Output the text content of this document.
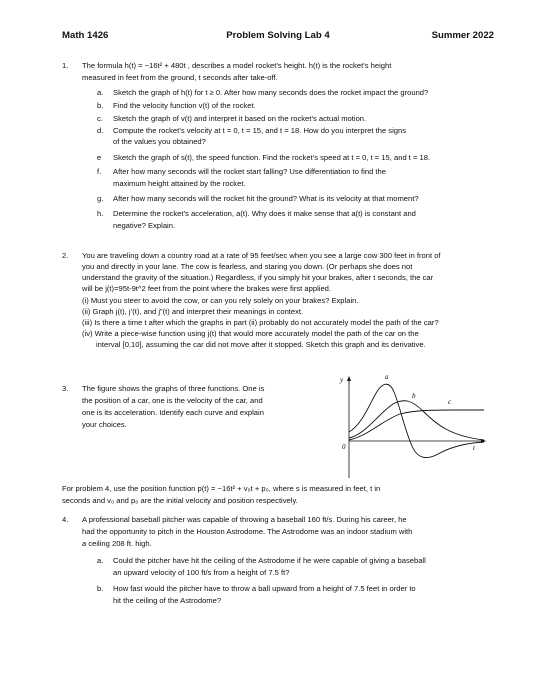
Math 1426	Problem Solving Lab 4	Summer 2022
1. The formula h(t) = −16t² + 480t , describes a model rocket’s height. h(t) is the rocket’s height
measured in feet from the ground, t seconds after take-off.
a. Sketch the graph of h(t) for t ≥ 0. After how many seconds does the rocket impact the ground?
b. Find the velocity function v(t) of the rocket.
c. Sketch the graph of v(t) and interpret it based on the rocket’s actual motion.
d. Compute the rocket’s velocity at t = 0, t = 15, and t = 18. How do you interpret the signs
of the values you obtained?
e Sketch the graph of s(t), the speed function. Find the rocket’s speed at t = 0, t = 15, and t = 18.
f. After how many seconds will the rocket start falling? Use differentiation to find the
maximum height attained by the rocket.
g. After how many seconds will the rocket hit the ground? What is its velocity at that moment?
h. Determine the rocket’s acceleration, a(t). Why does it make sense that a(t) is constant and
negative? Explain.
2. You are traveling down a country road at a rate of 95 feet/sec when you see a large cow 300 feet in front of
you and directly in your lane. The cow is fearless, and staring you down. (Or perhaps she does not
understand the gravity of the situation.) Regardless, if you simply hit your brakes, after t seconds, the car
will be j(t)=95t-9t^2 feet from the point where the brakes were first applied.
(i) Must you steer to avoid the cow, or can you rely solely on your brakes? Explain.
(ii) Graph j(t), j’(t), and j”(t) and interpret their meanings in context.
(iii) Is there a time t after which the graphs in part (ii) probably do not accurately model the path of the car?
(iv) Write a piece-wise function using j(t) that would more accurately model the path of the car on the
interval [0,10], assuming the car did not move after it stopped. Sketch this graph and its derivative.
3. The figure shows the graphs of three functions. One is
the position of a car, one is the velocity of the car, and
one is its acceleration. Identify each curve and explain
your choices.
y
t
0
a
b
c
For problem 4, use the position function p(t) = −16t² + v₀t + p₀, where s is measured in feet, t in
seconds and v₀ and p₀ are the initial velocity and position respectively.
4. A professional baseball pitcher was capable of throwing a baseball 160 ft/s. During his career, he
had the opportunity to pitch in the Houston Astrodome. The Astrodome was an indoor stadium with
a ceiling 208 ft. high.
a. Could the pitcher have hit the ceiling of the Astrodome if he were capable of giving a baseball
an upward velocity of 100 ft/s from a height of 7.5 ft?
b. How fast would the pitcher have to throw a ball upward from a height of 7.5 feet in order to
hit the ceiling of the Astrodome?
